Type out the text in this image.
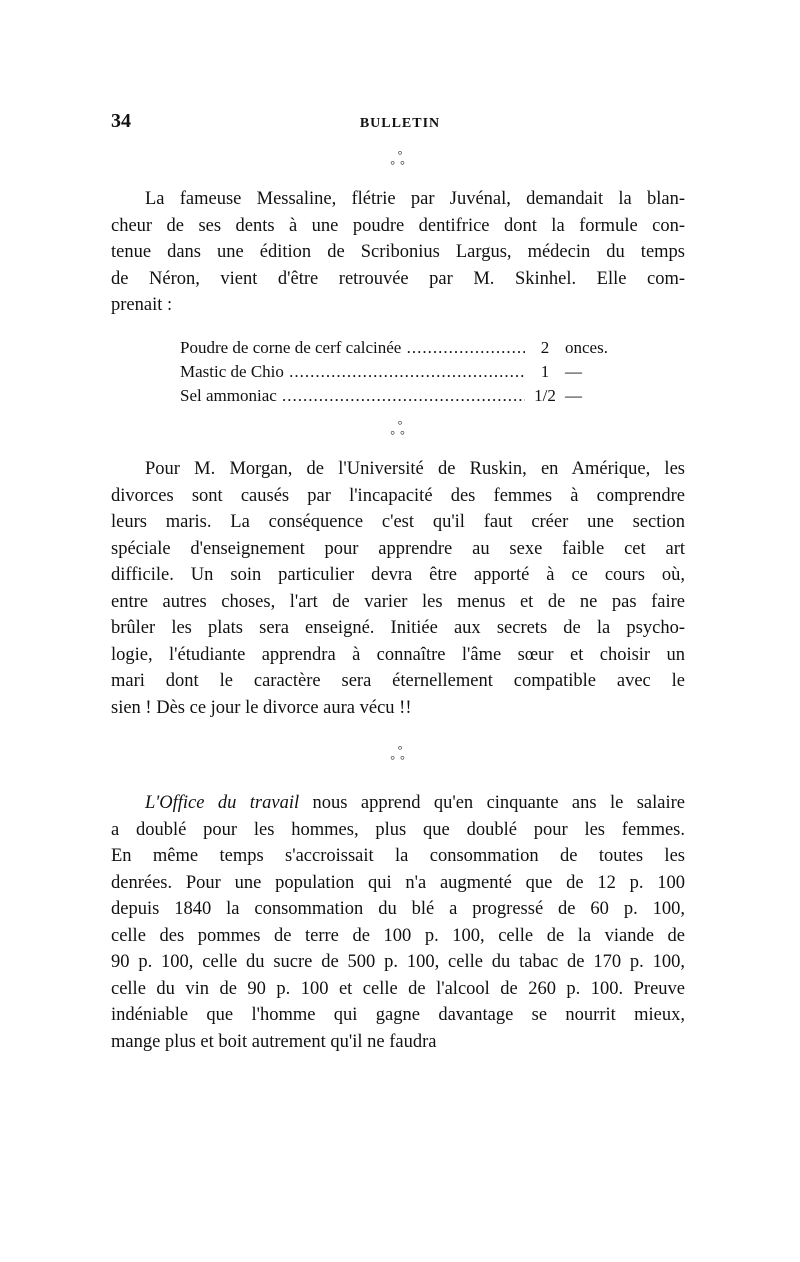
34	BULLETIN
°
°°
La fameuse Messaline, flétrie par Juvénal, demandait la blan-
cheur de ses dents à une poudre dentifrice dont la formule con-
tenue dans une édition de Scribonius Largus, médecin du temps
de Néron, vient d'être retrouvée par M. Skinhel. Elle com-
prenait :
Poudre de corne de cerf calcinée .....	2 onces.
Mastic de Chio .....	1 —
Sel ammoniac .....	1/2 —
°
°°
Pour M. Morgan, de l'Université de Ruskin, en Amérique, les
divorces sont causés par l'incapacité des femmes à comprendre
leurs maris. La conséquence c'est qu'il faut créer une section
spéciale d'enseignement pour apprendre au sexe faible cet art
difficile. Un soin particulier devra être apporté à ce cours où,
entre autres choses, l'art de varier les menus et de ne pas faire
brûler les plats sera enseigné. Initiée aux secrets de la psycho-
logie, l'étudiante apprendra à connaître l'âme sœur et choisir un
mari dont le caractère sera éternellement compatible avec le
sien ! Dès ce jour le divorce aura vécu !!
°
°°
L'Office du travail nous apprend qu'en cinquante ans le salaire
a doublé pour les hommes, plus que doublé pour les femmes.
En même temps s'accroissait la consommation de toutes les
denrées. Pour une population qui n'a augmenté que de 12 p. 100
depuis 1840 la consommation du blé a progressé de 60 p. 100,
celle des pommes de terre de 100 p. 100, celle de la viande de
90 p. 100, celle du sucre de 500 p. 100, celle du tabac de 170 p. 100,
celle du vin de 90 p. 100 et celle de l'alcool de 260 p. 100. Preuve
indéniable que l'homme qui gagne davantage se nourrit mieux,
mange plus et boit autrement qu'il ne faudra
